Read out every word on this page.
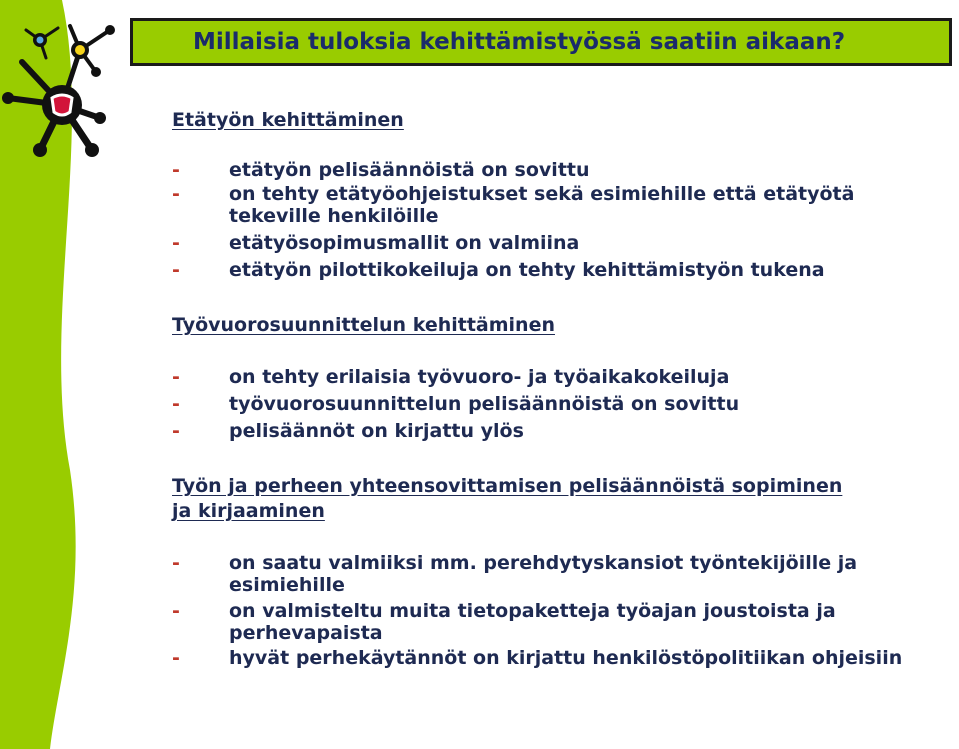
Millaisia tuloksia kehittämistyössä saatiin aikaan?
Etätyön kehittäminen
-	etätyön pelisäännöistä on sovittu
-	on tehty etätyöohjeistukset sekä esimiehille että etätyötä tekeville henkilöille
-	etätyösopimusmallit on valmiina
-	etätyön pilottikokeiluja on tehty kehittämistyön tukena
Työvuorosuunnittelun kehittäminen
-	on tehty erilaisia työvuoro- ja työaikakokeiluja
-	työvuorosuunnittelun pelisäännöistä on sovittu
-	pelisäännöt on kirjattu ylös
Työn ja perheen yhteensovittamisen pelisäännöistä sopiminen ja kirjaaminen
-	on saatu valmiiksi mm. perehdytyskansiot työntekijöille ja esimiehille
-	on valmisteltu muita tietopaketteja työajan joustoista ja perhevapaista
-	hyvät perhekäytännöt on kirjattu henkilöstöpolitiikan ohjeisiin
